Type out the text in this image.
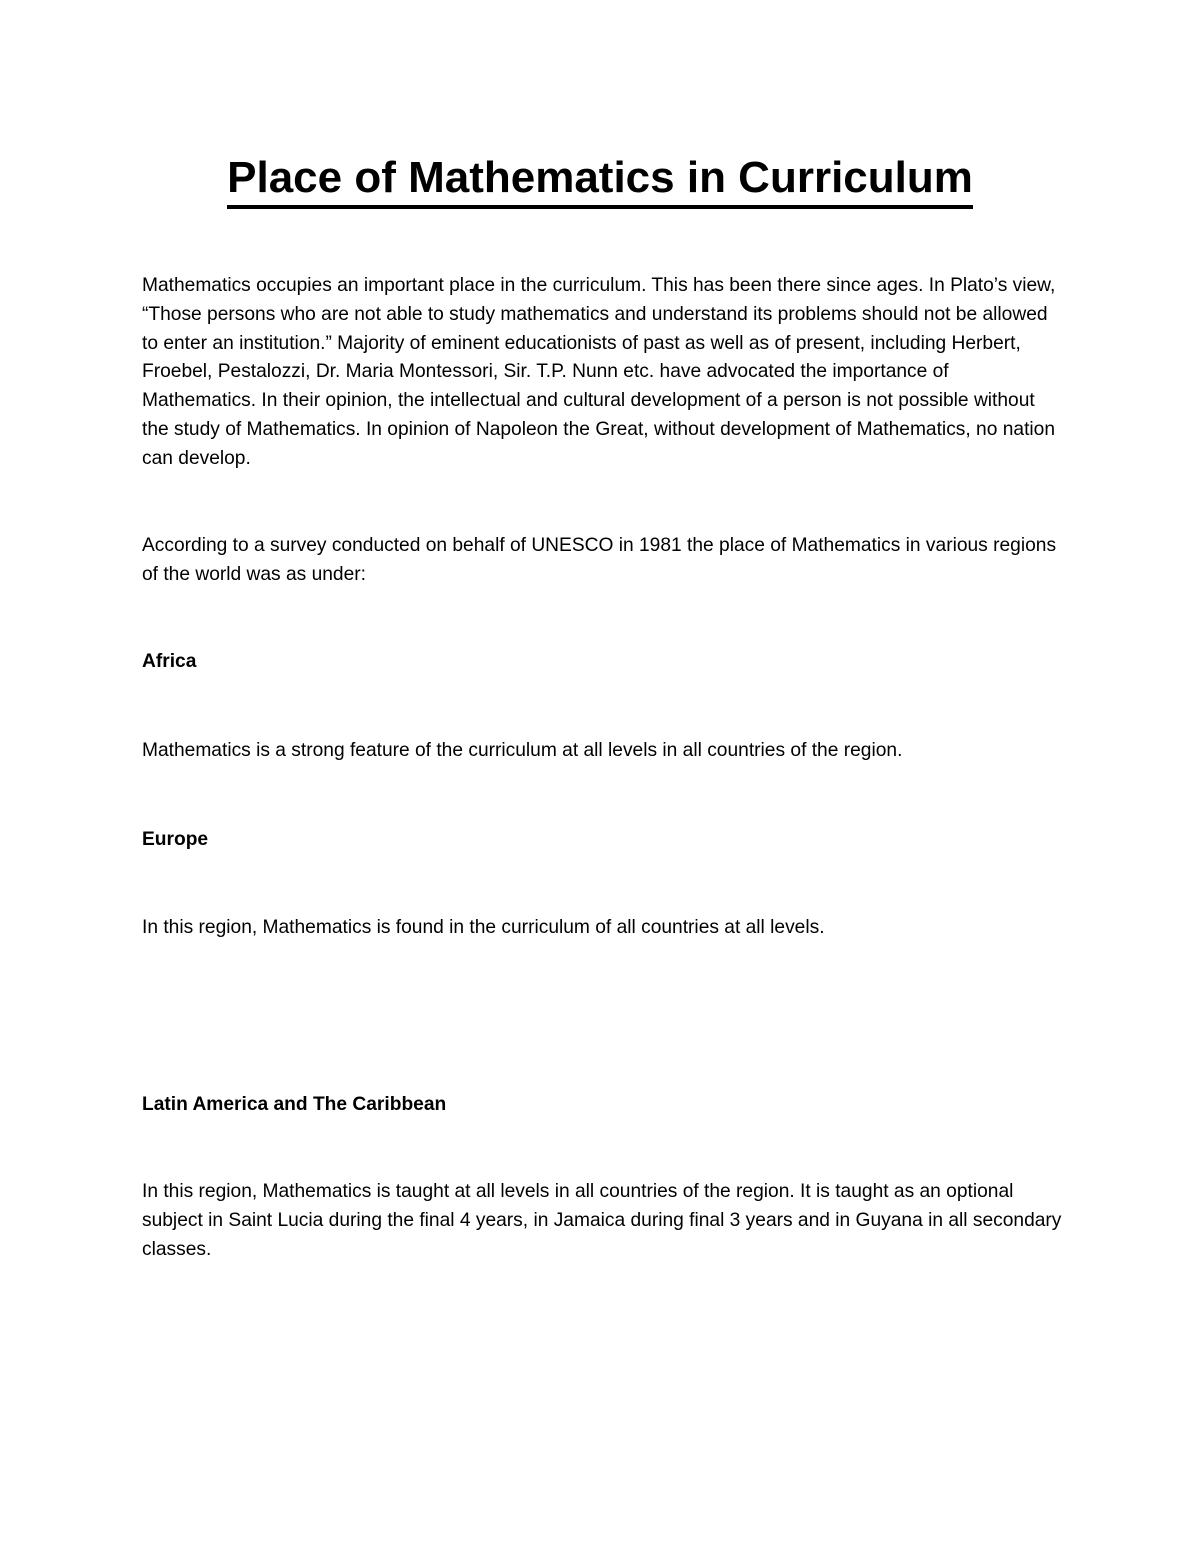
Place of Mathematics in Curriculum

Mathematics occupies an important place in the curriculum. This has been there since ages. In Plato’s view, “Those persons who are not able to study mathematics and understand its problems should not be allowed to enter an institution.” Majority of eminent educationists of past as well as of present, including Herbert, Froebel, Pestalozzi, Dr. Maria Montessori, Sir. T.P. Nunn etc. have advocated the importance of Mathematics. In their opinion, the intellectual and cultural development of a person is not possible without the study of Mathematics. In opinion of Napoleon the Great, without development of Mathematics, no nation can develop.

According to a survey conducted on behalf of UNESCO in 1981 the place of Mathematics in various regions of the world was as under:

Africa

Mathematics is a strong feature of the curriculum at all levels in all countries of the region.

Europe

In this region, Mathematics is found in the curriculum of all countries at all levels.

Latin America and The Caribbean

In this region, Mathematics is taught at all levels in all countries of the region. It is taught as an optional subject in Saint Lucia during the final 4 years, in Jamaica during final 3 years and in Guyana in all secondary classes.
